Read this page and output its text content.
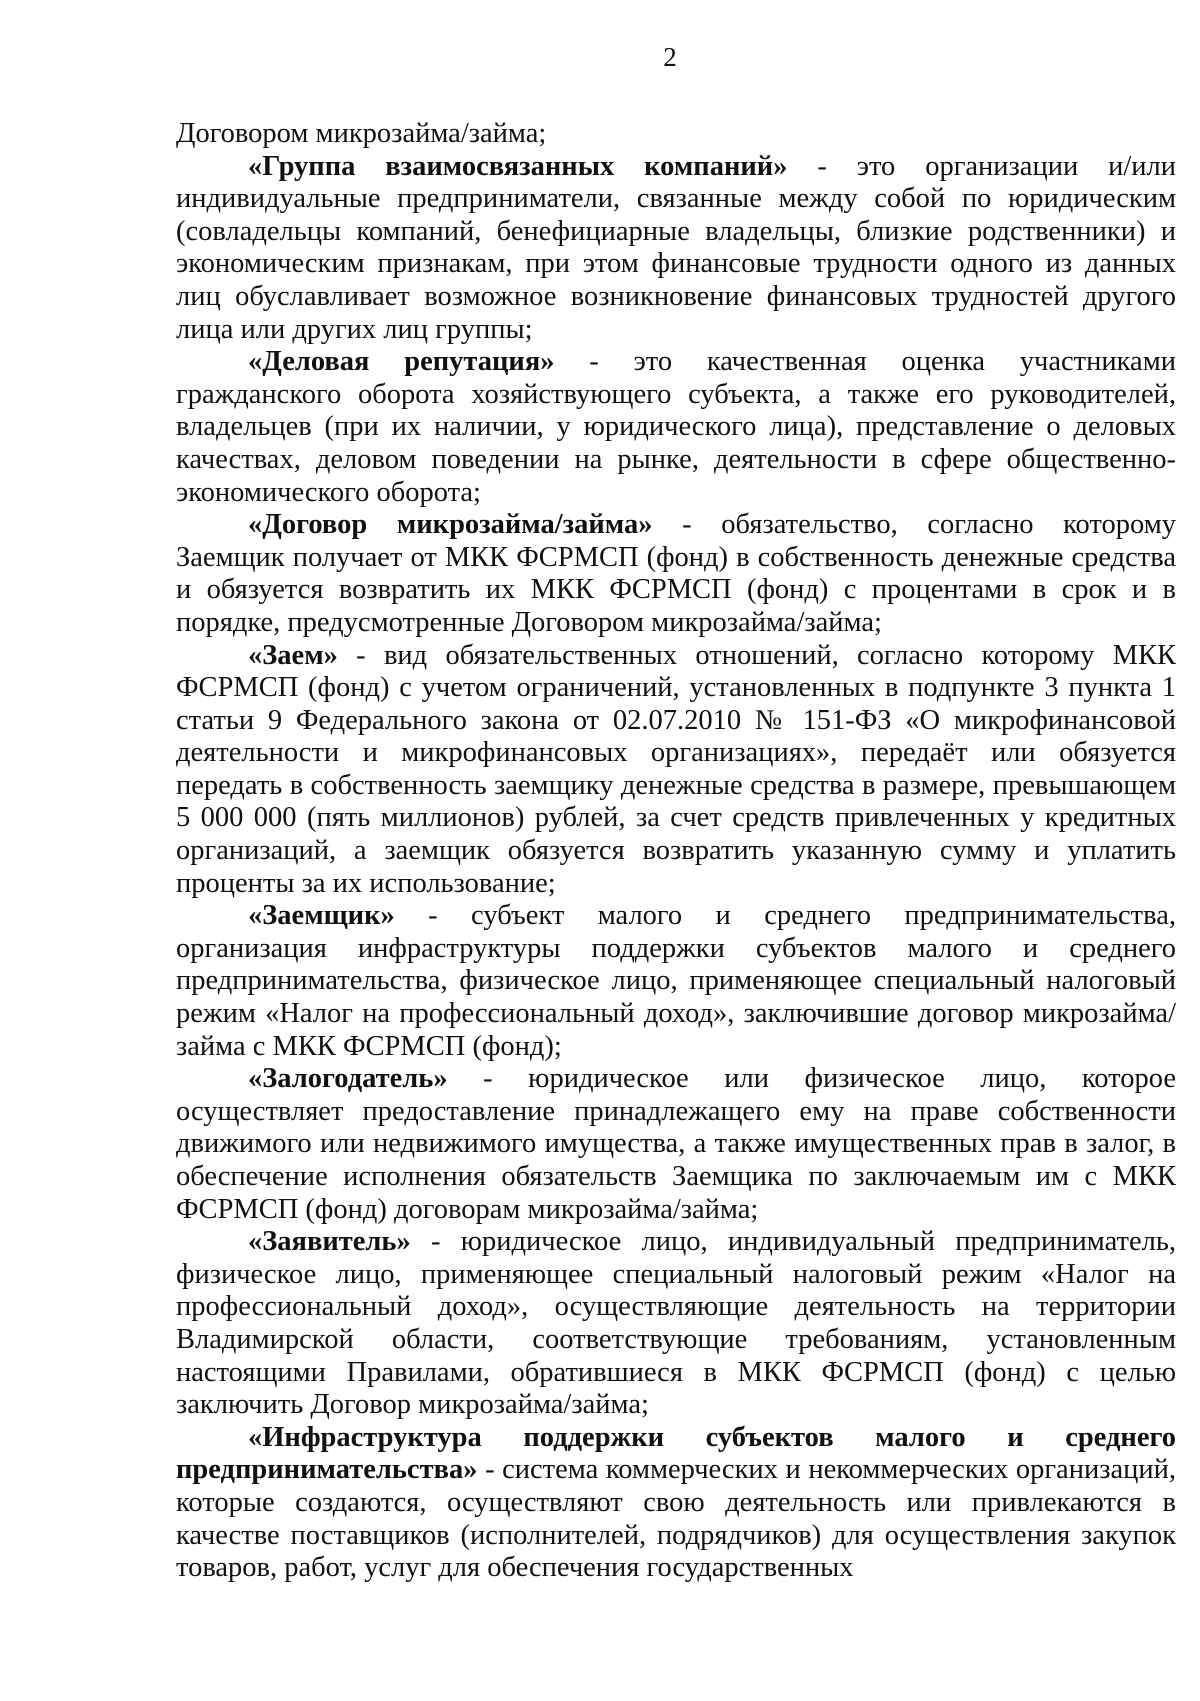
2

Договором микрозайма/займа;

«Группа взаимосвязанных компаний» - это организации и/или индивидуальные предприниматели, связанные между собой по юридическим (совладельцы компаний, бенефициарные владельцы, близкие родственники) и экономическим признакам, при этом финансовые трудности одного из данных лиц обуславливает возможное возникновение финансовых трудностей другого лица или других лиц группы;

«Деловая репутация» - это качественная оценка участниками гражданского оборота хозяйствующего субъекта, а также его руководителей, владельцев (при их наличии, у юридического лица), представление о деловых качествах, деловом поведении на рынке, деятельности в сфере общественно-экономического оборота;

«Договор микрозайма/займа» - обязательство, согласно которому Заемщик получает от МКК ФСРМСП (фонд) в собственность денежные средства и обязуется возвратить их МКК ФСРМСП (фонд) с процентами в срок и в порядке, предусмотренные Договором микрозайма/займа;

«Заем» - вид обязательственных отношений, согласно которому МКК ФСРМСП (фонд) с учетом ограничений, установленных в подпункте 3 пункта 1 статьи 9 Федерального закона от 02.07.2010 № 151-ФЗ «О микрофинансовой деятельности и микрофинансовых организациях», передаёт или обязуется передать в собственность заемщику денежные средства в размере, превышающем 5 000 000 (пять миллионов) рублей, за счет средств привлеченных у кредитных организаций, а заемщик обязуется возвратить указанную сумму и уплатить проценты за их использование;

«Заемщик» - субъект малого и среднего предпринимательства, организация инфраструктуры поддержки субъектов малого и среднего предпринимательства, физическое лицо, применяющее специальный налоговый режим «Налог на профессиональный доход», заключившие договор микрозайма/займа с МКК ФСРМСП (фонд);

«Залогодатель» - юридическое или физическое лицо, которое осуществляет предоставление принадлежащего ему на праве собственности движимого или недвижимого имущества, а также имущественных прав в залог, в обеспечение исполнения обязательств Заемщика по заключаемым им с МКК ФСРМСП (фонд) договорам микрозайма/займа;

«Заявитель» - юридическое лицо, индивидуальный предприниматель, физическое лицо, применяющее специальный налоговый режим «Налог на профессиональный доход», осуществляющие деятельность на территории Владимирской области, соответствующие требованиям, установленным настоящими Правилами, обратившиеся в МКК ФСРМСП (фонд) с целью заключить Договор микрозайма/займа;

«Инфраструктура поддержки субъектов малого и среднего предпринимательства» - система коммерческих и некоммерческих организаций, которые создаются, осуществляют свою деятельность или привлекаются в качестве поставщиков (исполнителей, подрядчиков) для осуществления закупок товаров, работ, услуг для обеспечения государственных
